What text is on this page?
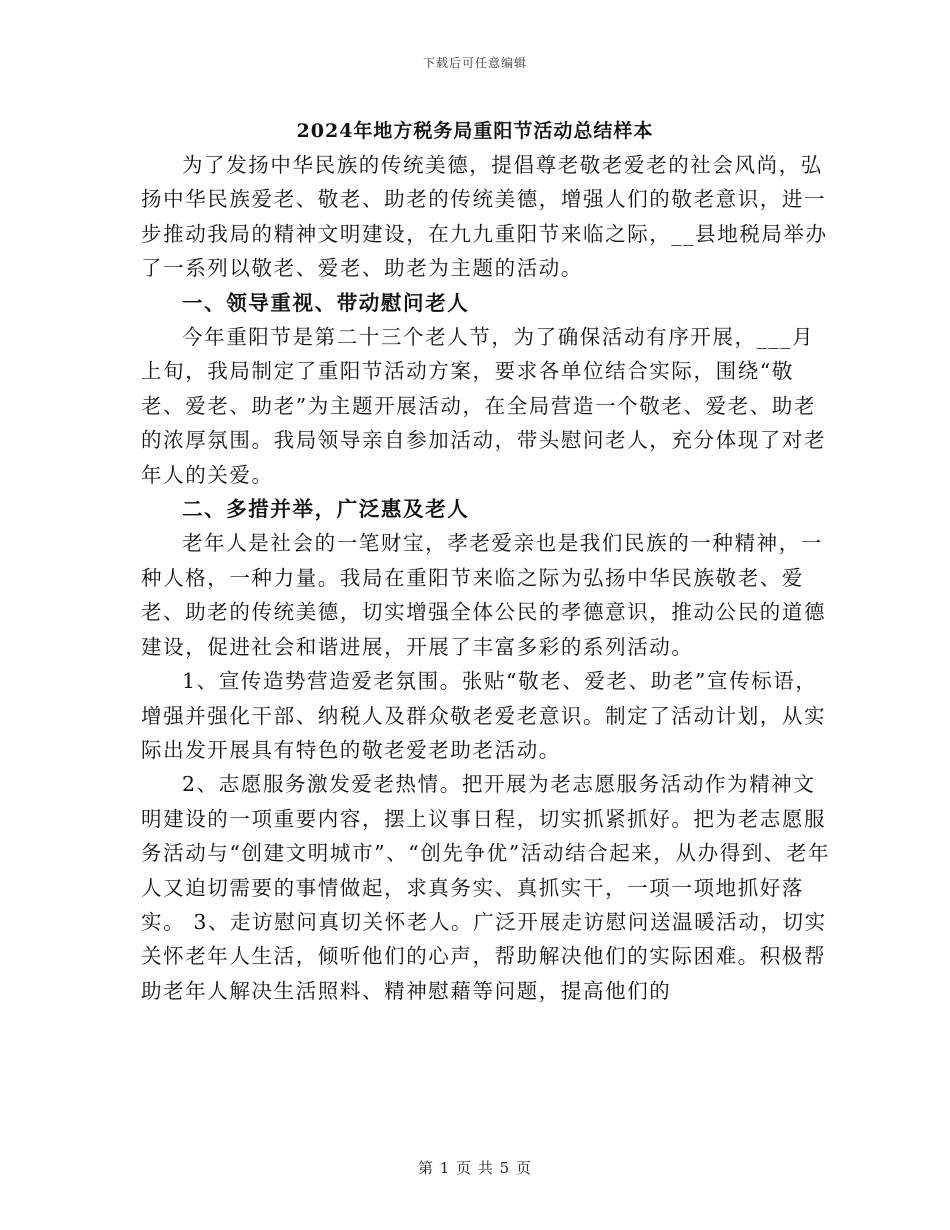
下载后可任意编辑
2024年地方税务局重阳节活动总结样本

为了发扬中华民族的传统美德，提倡尊老敬老爱老的社会风尚，弘扬中华民族爱老、敬老、助老的传统美德，增强人们的敬老意识，进一步推动我局的精神文明建设，在九九重阳节来临之际，__县地税局举办了一系列以敬老、爱老、助老为主题的活动。

一、领导重视、带动慰问老人

今年重阳节是第二十三个老人节，为了确保活动有序开展，___月上旬，我局制定了重阳节活动方案，要求各单位结合实际，围绕“敬老、爱老、助老”为主题开展活动，在全局营造一个敬老、爱老、助老的浓厚氛围。我局领导亲自参加活动，带头慰问老人，充分体现了对老年人的关爱。

二、多措并举，广泛惠及老人

老年人是社会的一笔财宝，孝老爱亲也是我们民族的一种精神，一种人格，一种力量。我局在重阳节来临之际为弘扬中华民族敬老、爱老、助老的传统美德，切实增强全体公民的孝德意识，推动公民的道德建设，促进社会和谐进展，开展了丰富多彩的系列活动。

1、宣传造势营造爱老氛围。张贴“敬老、爱老、助老”宣传标语，增强并强化干部、纳税人及群众敬老爱老意识。制定了活动计划，从实际出发开展具有特色的敬老爱老助老活动。

2、志愿服务激发爱老热情。把开展为老志愿服务活动作为精神文明建设的一项重要内容，摆上议事日程，切实抓紧抓好。把为老志愿服务活动与“创建文明城市”、“创先争优”活动结合起来，从办得到、老年人又迫切需要的事情做起，求真务实、真抓实干，一项一项地抓好落实。 3、走访慰问真切关怀老人。广泛开展走访慰问送温暖活动，切实关怀老年人生活，倾听他们的心声，帮助解决他们的实际困难。积极帮助老年人解决生活照料、精神慰藉等问题，提高他们的

第 1 页 共 5 页
